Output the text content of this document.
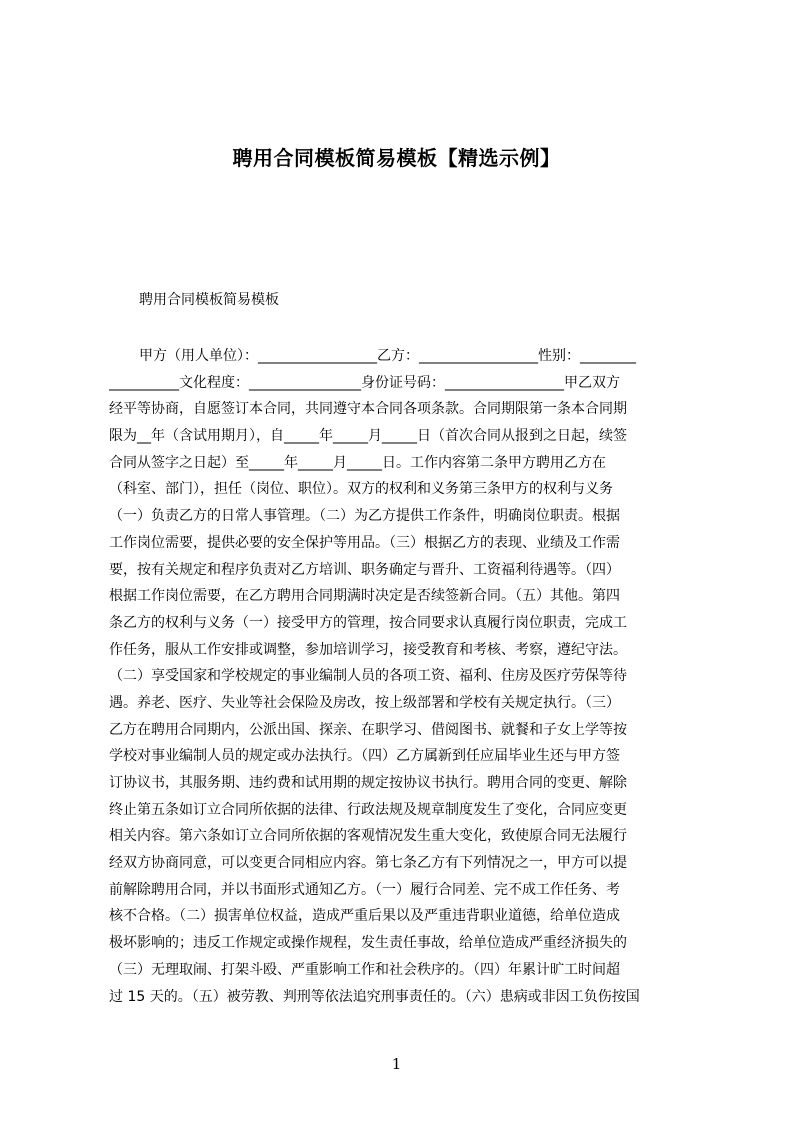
聘用合同模板简易模板【精选示例】
聘用合同模板简易模板
甲方（用人单位）：_________________乙方：_________________性别：________
__________文化程度：________________身份证号码：_________________甲乙双方
经平等协商，自愿签订本合同，共同遵守本合同各项条款。合同期限第一条本合同期
限为__年（含试用期月），自_____年_____月_____日（首次合同从报到之日起，续签
合同从签字之日起）至_____年_____月_____日。工作内容第二条甲方聘用乙方在
（科室、部门），担任（岗位、职位）。双方的权利和义务第三条甲方的权利与义务
（一）负责乙方的日常人事管理。（二）为乙方提供工作条件，明确岗位职责。根据
工作岗位需要，提供必要的安全保护等用品。（三）根据乙方的表现、业绩及工作需
要，按有关规定和程序负责对乙方培训、职务确定与晋升、工资福利待遇等。（四）
根据工作岗位需要，在乙方聘用合同期满时决定是否续签新合同。（五）其他。第四
条乙方的权利与义务（一）接受甲方的管理，按合同要求认真履行岗位职责，完成工
作任务，服从工作安排或调整，参加培训学习，接受教育和考核、考察，遵纪守法。
（二）享受国家和学校规定的事业编制人员的各项工资、福利、住房及医疗劳保等待
遇。养老、医疗、失业等社会保险及房改，按上级部署和学校有关规定执行。（三）
乙方在聘用合同期内，公派出国、探亲、在职学习、借阅图书、就餐和子女上学等按
学校对事业编制人员的规定或办法执行。（四）乙方属新到任应届毕业生还与甲方签
订协议书，其服务期、违约费和试用期的规定按协议书执行。聘用合同的变更、解除
终止第五条如订立合同所依据的法律、行政法规及规章制度发生了变化，合同应变更
相关内容。第六条如订立合同所依据的客观情况发生重大变化，致使原合同无法履行
经双方协商同意，可以变更合同相应内容。第七条乙方有下列情况之一，甲方可以提
前解除聘用合同，并以书面形式通知乙方。（一）履行合同差、完不成工作任务、考
核不合格。（二）损害单位权益，造成严重后果以及严重违背职业道德，给单位造成
极坏影响的；违反工作规定或操作规程，发生责任事故，给单位造成严重经济损失的
（三）无理取闹、打架斗殴、严重影响工作和社会秩序的。（四）年累计旷工时间超
过 15 天的。（五）被劳教、判刑等依法追究刑事责任的。（六）患病或非因工负伤按国
1
